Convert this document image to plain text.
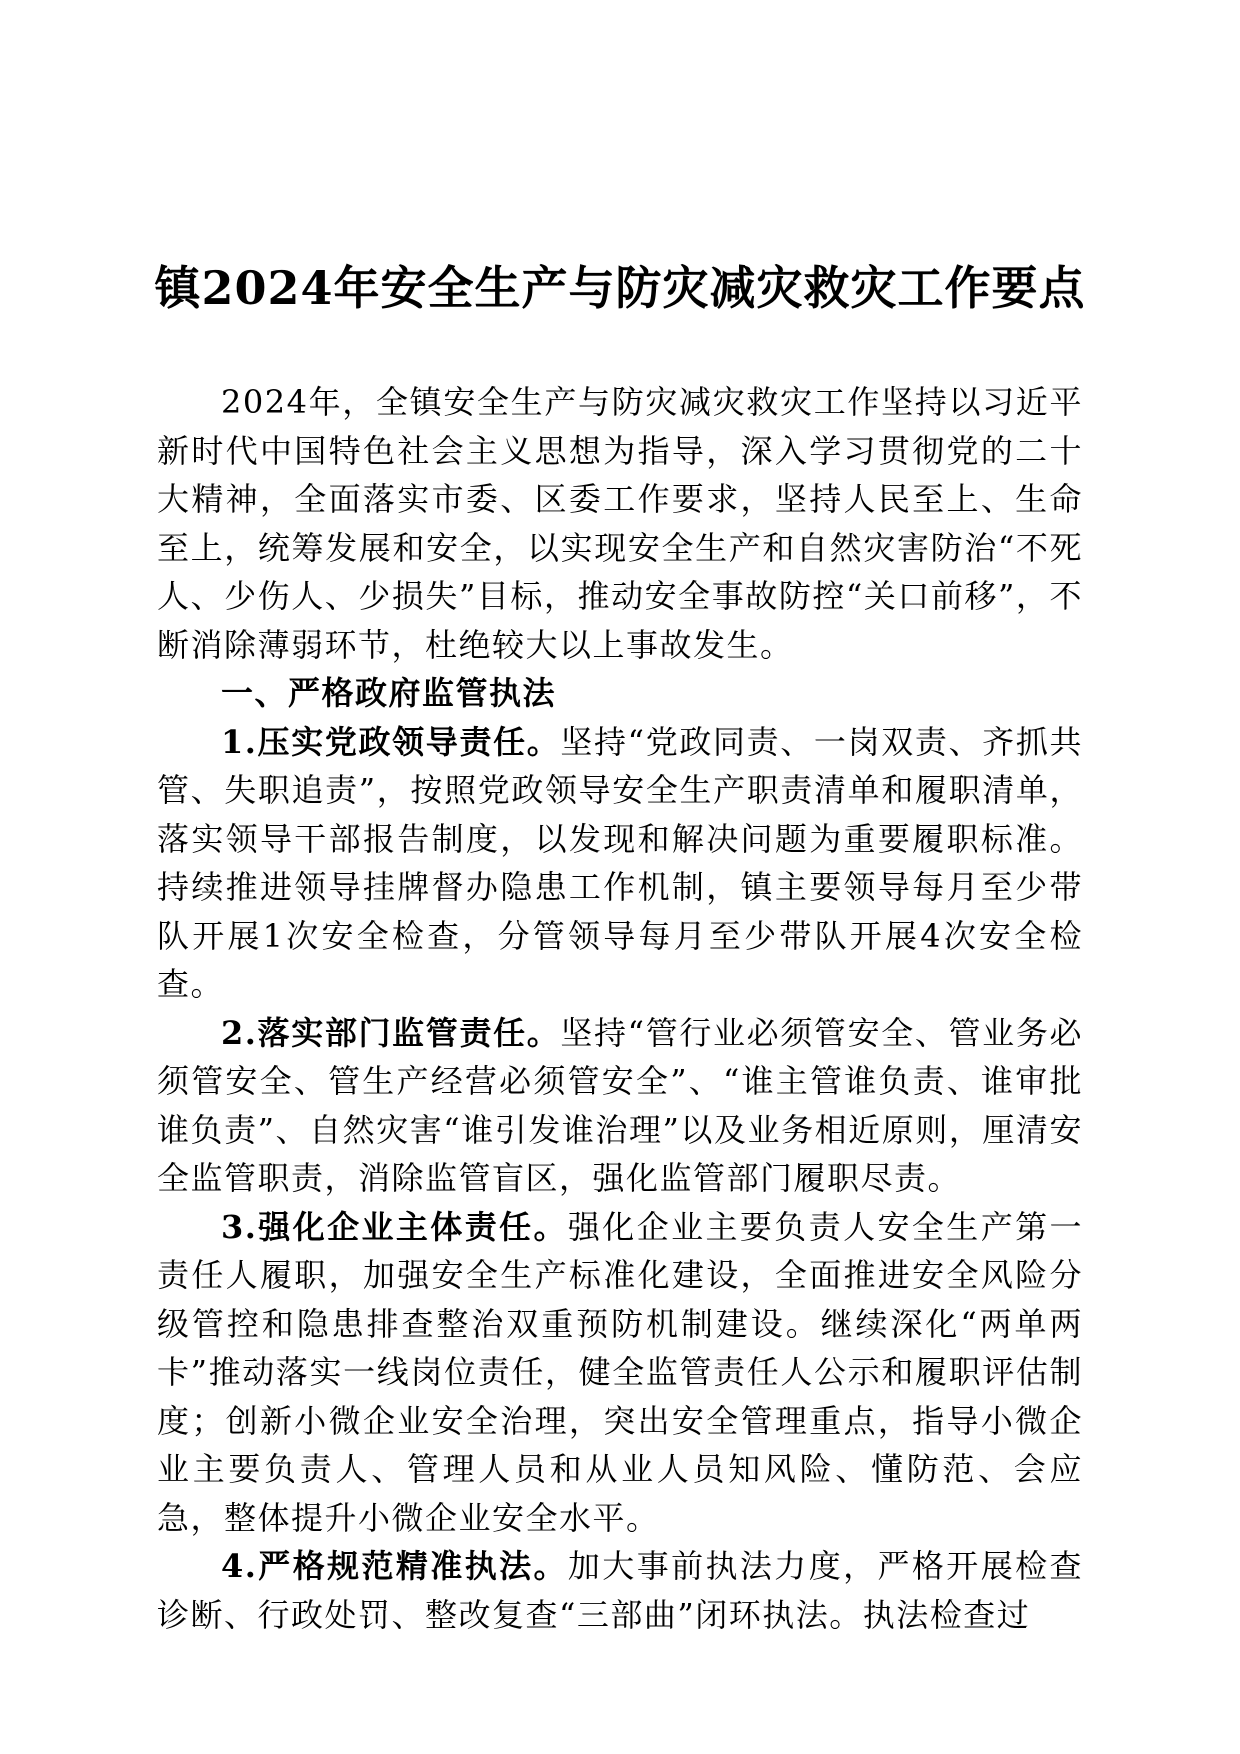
镇2024年安全生产与防灾减灾救灾工作要点

2024年，全镇安全生产与防灾减灾救灾工作坚持以习近平新时代中国特色社会主义思想为指导，深入学习贯彻党的二十大精神，全面落实市委、区委工作要求，坚持人民至上、生命至上，统筹发展和安全，以实现安全生产和自然灾害防治“不死人、少伤人、少损失”目标，推动安全事故防控“关口前移”，不断消除薄弱环节，杜绝较大以上事故发生。

一、严格政府监管执法

1.压实党政领导责任。坚持“党政同责、一岗双责、齐抓共管、失职追责”，按照党政领导安全生产职责清单和履职清单，落实领导干部报告制度，以发现和解决问题为重要履职标准。持续推进领导挂牌督办隐患工作机制，镇主要领导每月至少带队开展1次安全检查，分管领导每月至少带队开展4次安全检查。

2.落实部门监管责任。坚持“管行业必须管安全、管业务必须管安全、管生产经营必须管安全”、“谁主管谁负责、谁审批谁负责”、自然灾害“谁引发谁治理”以及业务相近原则，厘清安全监管职责，消除监管盲区，强化监管部门履职尽责。

3.强化企业主体责任。强化企业主要负责人安全生产第一责任人履职，加强安全生产标准化建设，全面推进安全风险分级管控和隐患排查整治双重预防机制建设。继续深化“两单两卡”推动落实一线岗位责任，健全监管责任人公示和履职评估制度；创新小微企业安全治理，突出安全管理重点，指导小微企业主要负责人、管理人员和从业人员知风险、懂防范、会应急，整体提升小微企业安全水平。

4.严格规范精准执法。加大事前执法力度，严格开展检查诊断、行政处罚、整改复查“三部曲”闭环执法。执法检查过
